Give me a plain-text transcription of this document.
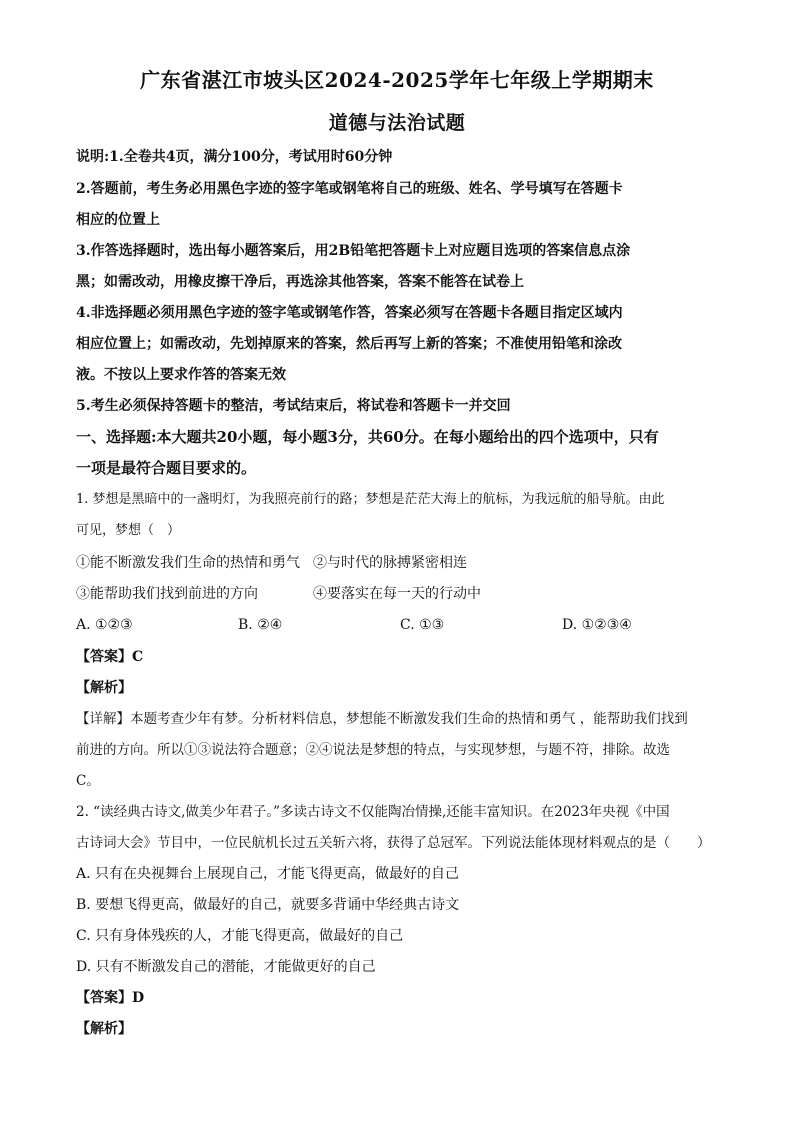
广东省湛江市坡头区2024-2025学年七年级上学期期末
道德与法治试题
说明:1.全卷共4页，满分100分，考试用时60分钟
2.答题前，考生务必用黑色字迹的签字笔或钢笔将自己的班级、姓名、学号填写在答题卡
相应的位置上
3.作答选择题时，选出每小题答案后，用2B铅笔把答题卡上对应题目选项的答案信息点涂
黑；如需改动，用橡皮擦干净后，再选涂其他答案，答案不能答在试卷上
4.非选择题必须用黑色字迹的签字笔或钢笔作答，答案必须写在答题卡各题目指定区域内
相应位置上；如需改动，先划掉原来的答案，然后再写上新的答案；不准使用铅笔和涂改
液。不按以上要求作答的答案无效
5.考生必须保持答题卡的整洁，考试结束后，将试卷和答题卡一并交回
一、选择题:本大题共20小题，每小题3分，共60分。在每小题给出的四个选项中，只有
一项是最符合题目要求的。
1. 梦想是黑暗中的一盏明灯，为我照亮前行的路；梦想是茫茫大海上的航标，为我远航的船导航。由此
可见，梦想（　）
①能不断激发我们生命的热情和勇气 ②与时代的脉搏紧密相连
③能帮助我们找到前进的方向	④要落实在每一天的行动中
A. ①②③	B. ②④	C. ①③	D. ①②③④
【答案】C
【解析】
【详解】本题考查少年有梦。分析材料信息，梦想能不断激发我们生命的热情和勇气 ，能帮助我们找到
前进的方向。所以①③说法符合题意；②④说法是梦想的特点，与实现梦想，与题不符，排除。故选
C。
2. “读经典古诗文,做美少年君子。”多读古诗文不仅能陶冶情操,还能丰富知识。在2023年央视《中国
古诗词大会》节目中，一位民航机长过五关斩六将，获得了总冠军。下列说法能体现材料观点的是（　　）
A. 只有在央视舞台上展现自己，才能飞得更高，做最好的自己
B. 要想飞得更高，做最好的自己，就要多背诵中华经典古诗文
C. 只有身体残疾的人，才能飞得更高，做最好的自己
D. 只有不断激发自己的潜能，才能做更好的自己
【答案】D
【解析】
